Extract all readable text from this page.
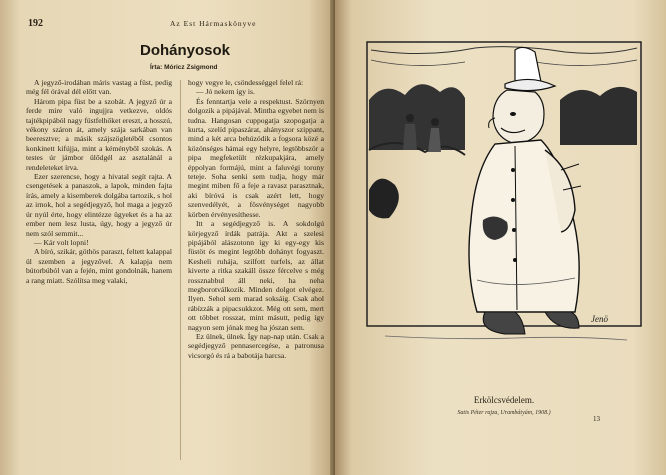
192	Az Est Hármaskönyve
Dohányosok
Írta: Móricz Zsigmond

A jegyző-irodában máris vastag a füst, pedig még fél órával dél előtt van.

Három pipa füst be a szobát. A jegyző úr a ferde mire való ingujjra vetkezve, oldós tajtékpipából nagy füstfelhőket ereszt, a hosszú, vékony száron át, amely szája sarkában van beeresztve; a másik szájszögletéből csontos konkinett kifújja, mint a kéményből szokás. A testes úr jámbor ülődgél az asztalánál a rendeleteket írva.

Ezer szerencse, hogy a hivatal segít rajta. A csengetések a panaszok, a lapok, minden fajta írás, amely a kisemberek dolgába tartozik, s hol az irnok, hol a segédjegyző, hol maga a jegyző úr nyúl érte, hogy elintézze ügyeket és a ha az ember nem lesz lusta, úgy, hogy a jegyző úr nem szól semmit...

— Kár volt lopni!

A bíró, szikár, göthös paraszt, feltett kalappal ül szemben a jegyzővel. A kalapja nem bútorbúból van a fején, mint gondolnák, hanem a rang miatt. Szólítsa meg valaki,

hogy vegye le, csöndességgel felel rá:

— Jó nekem így is.

És fenntartja vele a respektust. Szörnyen dolgozik a pipájával. Mintha egyebet nem is tudna. Hangosan cuppogatja szopogatja a kurta, szelíd pipaszárat, ahányszor szippant, mind a két arca behúzódik a fogsora közé a közönséges hámai egy helyre, legtöbbször a pipa megfeketült rézkupakjára, amely éppolyan formájú, mint a faluvégi torony teteje. Soha senki sem tudja, hogy már megint miben fő a feje a ravasz parasztnak, aki bíróvá is csak azért lett, hogy szenvedélyét, a fösvénységet nagyobb körben érvényesíthesse.

Itt a segédjegyző is. A sokdolgú körjegyző írdák patrája. Akt a szelesi pipájából alászotonn így ki egy-egy kis füstöt és megint legtöbb dohányt fogyaszt. Kesheli ruhája, szilfott turfels, az állat kiverte a ritka szakáll össze fércelve s még rossznabbul áll neki, ha neha megborotválkozik. Minden dolgot elvégez. Ilyen. Sehol sem marad soksáig. Csak ahol rábízzák a pipacsukkzot. Még ott sem, mert ott többet rosszat, mint másutt, pedig így nagyon sem jónak meg ha jószan sem.

Ez ülnek, ülnek. Így nap-nap után. Csak a segédjegyző pennasercegése, a patronusa vicsorgó és rá a babotája harcsa.

Jenö
Erkölcsvédelem.
Satis Péter rajza, Urambátyám, 1908.)
13
